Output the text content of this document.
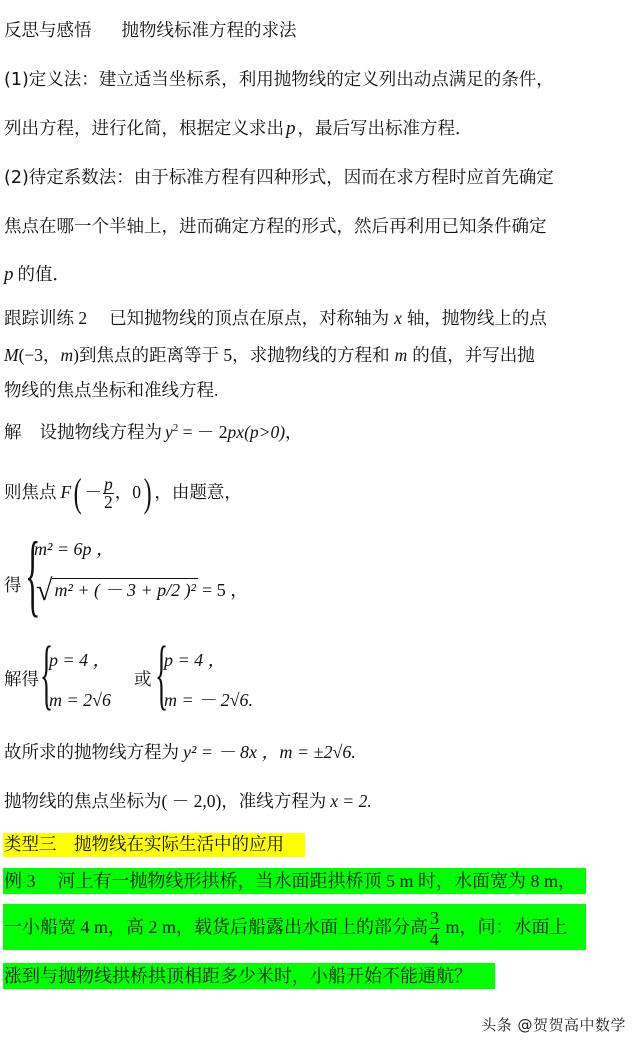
反思与感悟 抛物线标准方程的求法
(1)定义法：建立适当坐标系，利用抛物线的定义列出动点满足的条件，
列出方程，进行化简，根据定义求出 p ，最后写出标准方程．
(2)待定系数法：由于标准方程有四种形式，因而在求方程时应首先确定
焦点在哪一个半轴上，进而确定方程的形式，然后再利用已知条件确定
p 的值．
跟踪训练 2 已知抛物线的顶点在原点，对称轴为 x 轴，抛物线上的点
M(−3，m)到焦点的距离等于 5，求抛物线的方程和 m 的值，并写出抛
物线的焦点坐标和准线方程.
解 设抛物线方程为 $y^2$ = － 2px(p>0)，
则焦点 $F( - \frac{p}{2}$ ，0) ，由题意，
得 {
m² = 6p ，
√ m² + ( － 3 + p/2 )² = 5 ，
解得 {
p = 4 ，
m = 2√6
或 {
p = 4 ，
m = － 2√6.
故所求的抛物线方程为 y² = － 8x ，m = ±2√6.
抛物线的焦点坐标为( － 2,0)，准线方程为 x = 2.
类型三　抛物线在实际生活中的应用
例 3 河上有一抛物线形拱桥，当水面距拱桥顶 5 m 时，水面宽为 8 m，
一小船宽 4 m，高 2 m，载货后船露出水面上的部分高 $\frac{3}{4}$ m，问：水面上
涨到与抛物线拱桥拱顶相距多少米时，小船开始不能通航？
头条 @贺贺高中数学
